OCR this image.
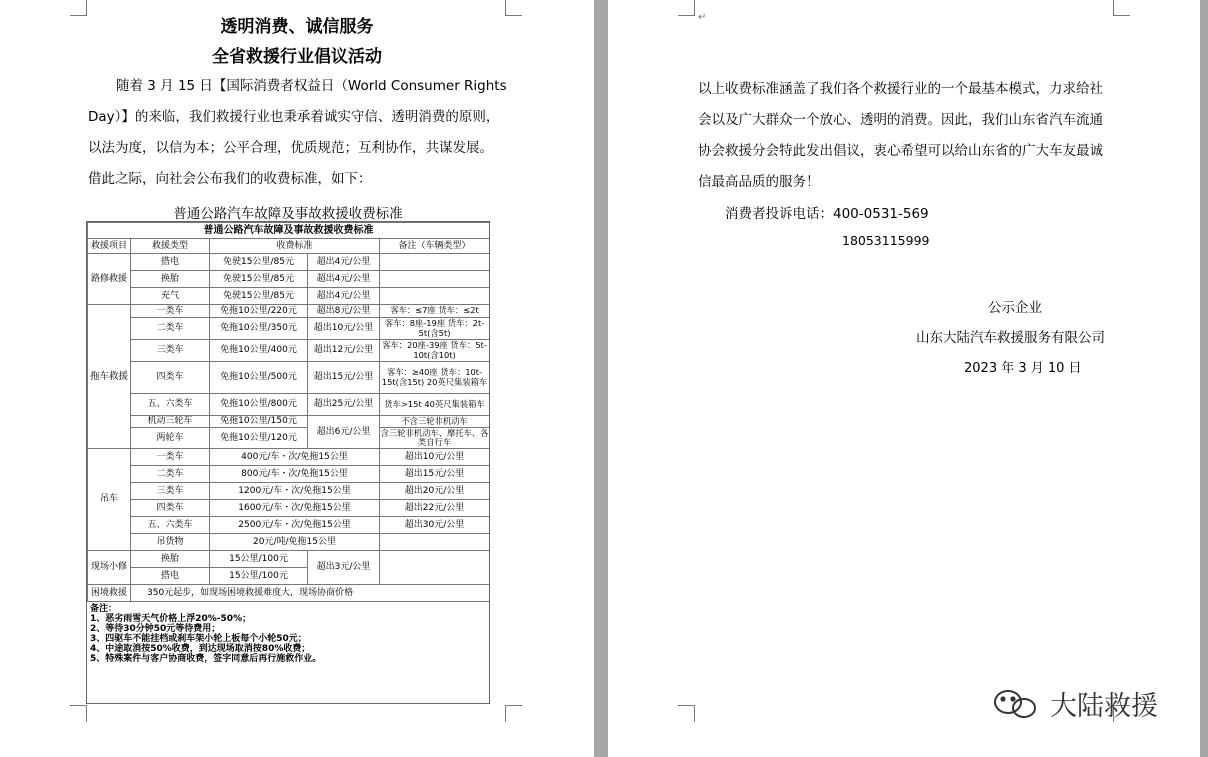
透明消费、诚信服务
全省救援行业倡议活动
随着 3 月 15 日【国际消费者权益日（World Consumer Rights
Day）】的来临，我们救援行业也秉承着诚实守信、透明消费的原则，
以法为度，以信为本；公平合理，优质规范；互利协作，共谋发展。
借此之际，向社会公布我们的收费标准，如下：
普通公路汽车故障及事故救援收费标准
普通公路汽车故障及事故救援收费标准				
救援项目	救援类型	收费标准		备注（车辆类型）
路修救援	搭电	免驶15公里/85元	超出4元/公里	
	换胎	免驶15公里/85元	超出4元/公里	
	充气	免驶15公里/85元	超出4元/公里	
拖车救援	一类车	免拖10公里/220元	超出8元/公里	客车：≤7座 货车：≤2t
	二类车	免拖10公里/350元	超出10元/公里	客车：8座-19座 货车：2t-5t(含5t)
	三类车	免拖10公里/400元	超出12元/公里	客车：20座-39座 货车：5t-10t(含10t)
	四类车	免拖10公里/500元	超出15元/公里	客车：≥40座 货车：10t-15t(含15t) 20英尺集装箱车
	五、六类车	免拖10公里/800元	超出25元/公里	货车>15t 40英尺集装箱车
	机动三轮车	免拖10公里/150元	超出6元/公里	不含三轮非机动车
	两轮车	免拖10公里/120元		含三轮非机动车、摩托车、各类自行车
吊车	一类车	400元/车・次/免拖15公里		超出10元/公里
	二类车	800元/车・次/免拖15公里		超出15元/公里
	三类车	1200元/车・次/免拖15公里		超出20元/公里
	四类车	1600元/车・次/免拖15公里		超出22元/公里
	五、六类车	2500元/车・次/免拖15公里		超出30元/公里
	吊货物	20元/吨/免拖15公里		
现场小修	换胎	15公里/100元	超出3元/公里	
	搭电	15公里/100元		
困境救援	350元起步，如现场困境救援难度大，现场协商价格			
备注：
1、恶劣雨雪天气价格上浮20%-50%；
2、等待30分钟50元等待费用；
3、四驱车不能挂档或刹车架小轮上板每个小轮50元；
4、中途取消按50%收费，到达现场取消按80%收费；
5、特殊案件与客户协商收费，签字同意后再行施救作业。
↵
以上收费标准涵盖了我们各个救援行业的一个最基本模式，力求给社
会以及广大群众一个放心、透明的消费。因此，我们山东省汽车流通
协会救援分会特此发出倡议，衷心希望可以给山东省的广大车友最诚
信最高品质的服务！
消费者投诉电话：400-0531-569
18053115999
公示企业
山东大陆汽车救援服务有限公司
2023 年 3 月 10 日
大陆救援
